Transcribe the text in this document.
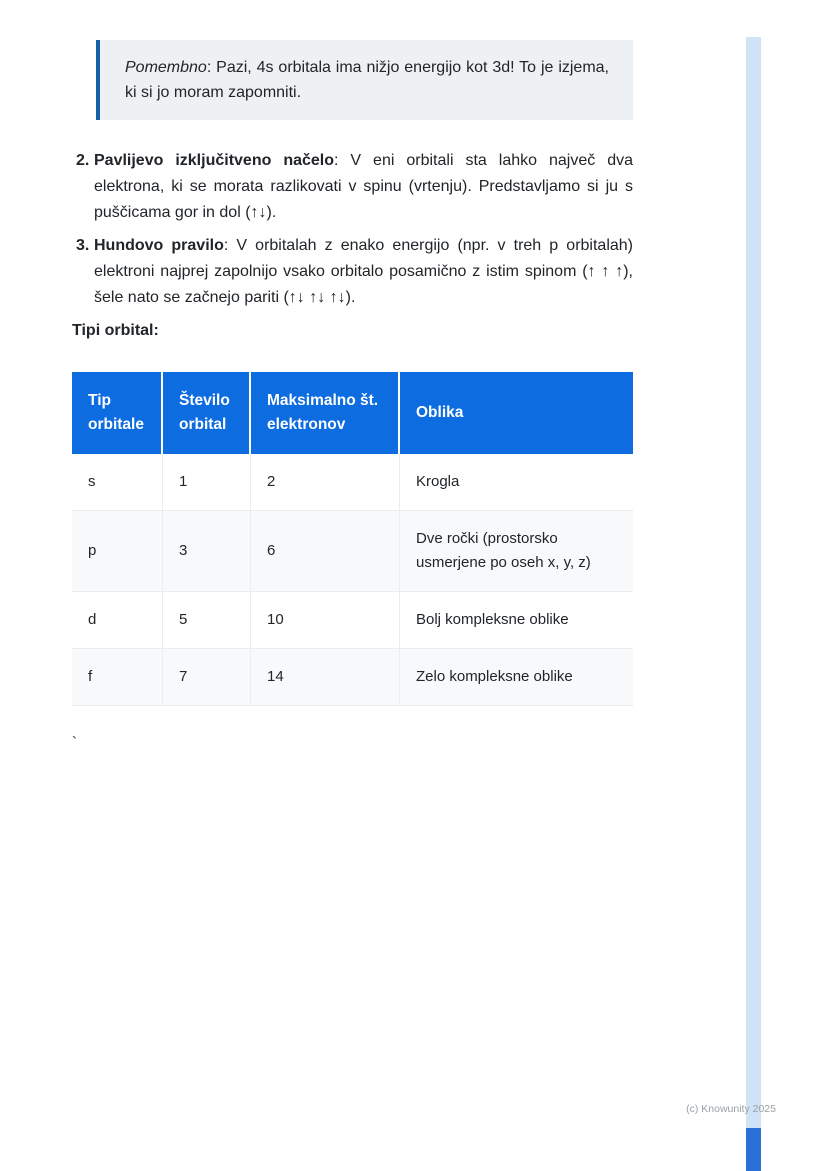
Pomembno: Pazi, 4s orbitala ima nižjo energijo kot 3d! To je izjema, ki si jo moram zapomniti.
2. Pavlijevo izključitveno načelo: V eni orbitali sta lahko največ dva elektrona, ki se morata razlikovati v spinu (vrtenju). Predstavljamo si ju s puščicama gor in dol (↑↓).
3. Hundovo pravilo: V orbitalah z enako energijo (npr. v treh p orbitalah) elektroni najprej zapolnijo vsako orbitalo posamično z istim spinom (↑ ↑ ↑), šele nato se začnejo pariti (↑↓ ↑↓ ↑↓).
Tipi orbital:
Tip orbitale	Število orbital	Maksimalno št. elektronov	Oblika
s	1	2	Krogla
p	3	6	Dve ročki (prostorsko usmerjene po oseh x, y, z)
d	5	10	Bolj kompleksne oblike
f	7	14	Zelo kompleksne oblike
`
(c) Knowunity 2025
